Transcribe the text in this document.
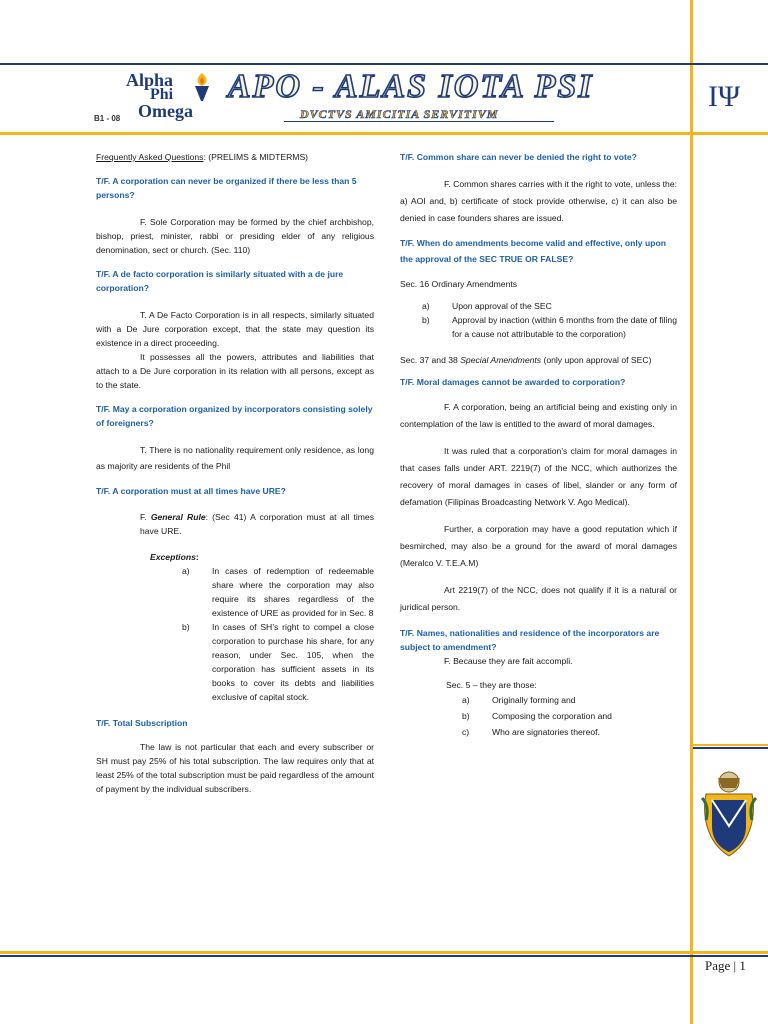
Alpha
Phi
Omega
B1 - 08
APO - ALAS IOTA PSI
DVCTVS AMICITIA SERVITIVM
ΙΨ

Frequently Asked Questions: (PRELIMS & MIDTERMS)

T/F. A corporation can never be organized if there be less than 5 persons?

F. Sole Corporation may be formed by the chief archbishop, bishop, priest, minister, rabbi or presiding elder of any religious denomination, sect or church. (Sec. 110)

T/F. A de facto corporation is similarly situated with a de jure corporation?

T. A De Facto Corporation is in all respects, similarly situated with a De Jure corporation except, that the state may question its existence in a direct proceeding.

It possesses all the powers, attributes and liabilities that attach to a De Jure corporation in its relation with all persons, except as to the state.

T/F. May a corporation organized by incorporators consisting solely of foreigners?

T. There is no nationality requirement only residence, as long as majority are residents of the Phil

T/F. A corporation must at all times have URE?

F. General Rule: (Sec 41) A corporation must at all times have URE.

Exceptions:

a)	In cases of redemption of redeemable share where the corporation may also require its shares regardless of the existence of URE as provided for in Sec. 8
b)	In cases of SH’s right to compel a close corporation to purchase his share, for any reason, under Sec. 105, when the corporation has sufficient assets in its books to cover its debts and liabilities exclusive of capital stock.

T/F. Total Subscription

The law is not particular that each and every subscriber or SH must pay 25% of his total subscription. The law requires only that at least 25% of the total subscription must be paid regardless of the amount of payment by the individual subscribers.

T/F. Common share can never be denied the right to vote?

F. Common shares carries with it the right to vote, unless the: a) AOI and, b) certificate of stock provide otherwise, c) it can also be denied in case founders shares are issued.

T/F. When do amendments become valid and effective, only upon the approval of the SEC TRUE OR FALSE?

Sec. 16 Ordinary Amendments

a)	Upon approval of the SEC
b)	Approval by inaction (within 6 months from the date of filing for a cause not attributable to the corporation)

Sec. 37 and 38 Special Amendments (only upon approval of SEC)

T/F. Moral damages cannot be awarded to corporation?

F. A corporation, being an artificial being and existing only in contemplation of the law is entitled to the award of moral damages.

It was ruled that a corporation’s claim for moral damages in that cases falls under ART. 2219(7) of the NCC, which authorizes the recovery of moral damages in cases of libel, slander or any form of defamation (Filipinas Broadcasting Network V. Ago Medical).

Further, a corporation may have a good reputation which if besmirched, may also be a ground for the award of moral damages (Meralco V. T.E.A.M)

Art 2219(7) of the NCC, does not qualify if it is a natural or juridical person.

T/F. Names, nationalities and residence of the incorporators are subject to amendment?

F. Because they are fait accompli.

Sec. 5 – they are those:

a)	Originally forming and
b)	Composing the corporation and
c)	Who are signatories thereof.
Page | 1
